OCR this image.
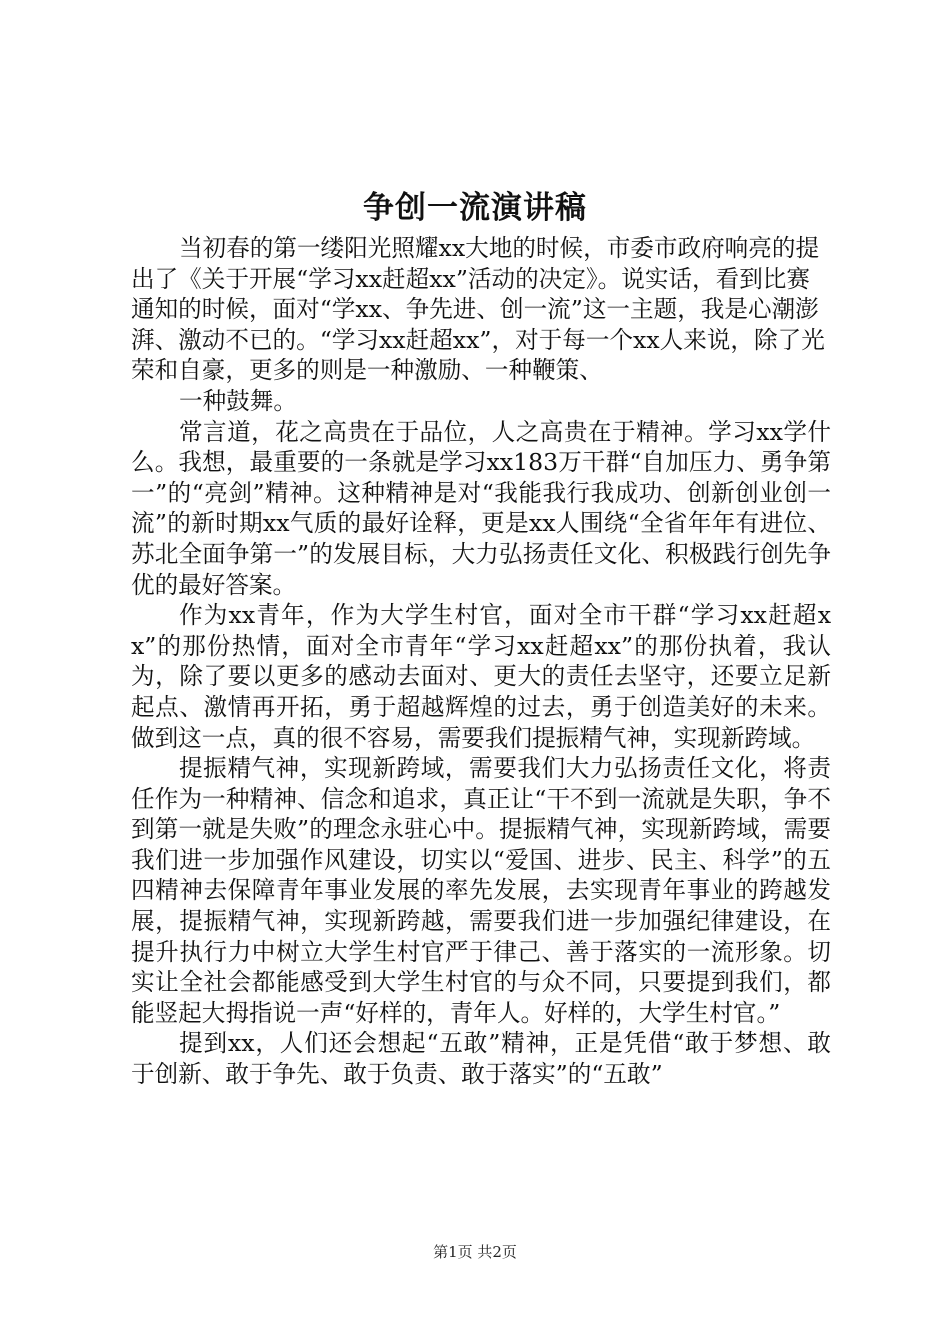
争创一流演讲稿

当初春的第一缕阳光照耀xx大地的时候，市委市政府响亮的提出了《关于开展“学习xx赶超xx”活动的决定》。说实话，看到比赛通知的时候，面对“学xx、争先进、创一流”这一主题，我是心潮澎湃、激动不已的。“学习xx赶超xx”，对于每一个xx人来说，除了光荣和自豪，更多的则是一种激励、一种鞭策、

一种鼓舞。

常言道，花之高贵在于品位，人之高贵在于精神。学习xx学什么。我想，最重要的一条就是学习xx183万干群“自加压力、勇争第一”的“亮剑”精神。这种精神是对“我能我行我成功、创新创业创一流”的新时期xx气质的最好诠释，更是xx人围绕“全省年年有进位、苏北全面争第一”的发展目标，大力弘扬责任文化、积极践行创先争优的最好答案。

作为xx青年，作为大学生村官，面对全市干群“学习xx赶超xx”的那份热情，面对全市青年“学习xx赶超xx”的那份执着，我认为，除了要以更多的感动去面对、更大的责任去坚守，还要立足新起点、激情再开拓，勇于超越辉煌的过去，勇于创造美好的未来。做到这一点，真的很不容易，需要我们提振精气神，实现新跨域。

提振精气神，实现新跨域，需要我们大力弘扬责任文化，将责任作为一种精神、信念和追求，真正让“干不到一流就是失职，争不到第一就是失败”的理念永驻心中。提振精气神，实现新跨域，需要我们进一步加强作风建设，切实以“爱国、进步、民主、科学”的五四精神去保障青年事业发展的率先发展，去实现青年事业的跨越发展，提振精气神，实现新跨越，需要我们进一步加强纪律建设，在提升执行力中树立大学生村官严于律己、善于落实的一流形象。切实让全社会都能感受到大学生村官的与众不同，只要提到我们，都能竖起大拇指说一声“好样的，青年人。好样的，大学生村官。”

提到xx，人们还会想起“五敢”精神，正是凭借“敢于梦想、敢于创新、敢于争先、敢于负责、敢于落实”的“五敢”

第1页 共2页
